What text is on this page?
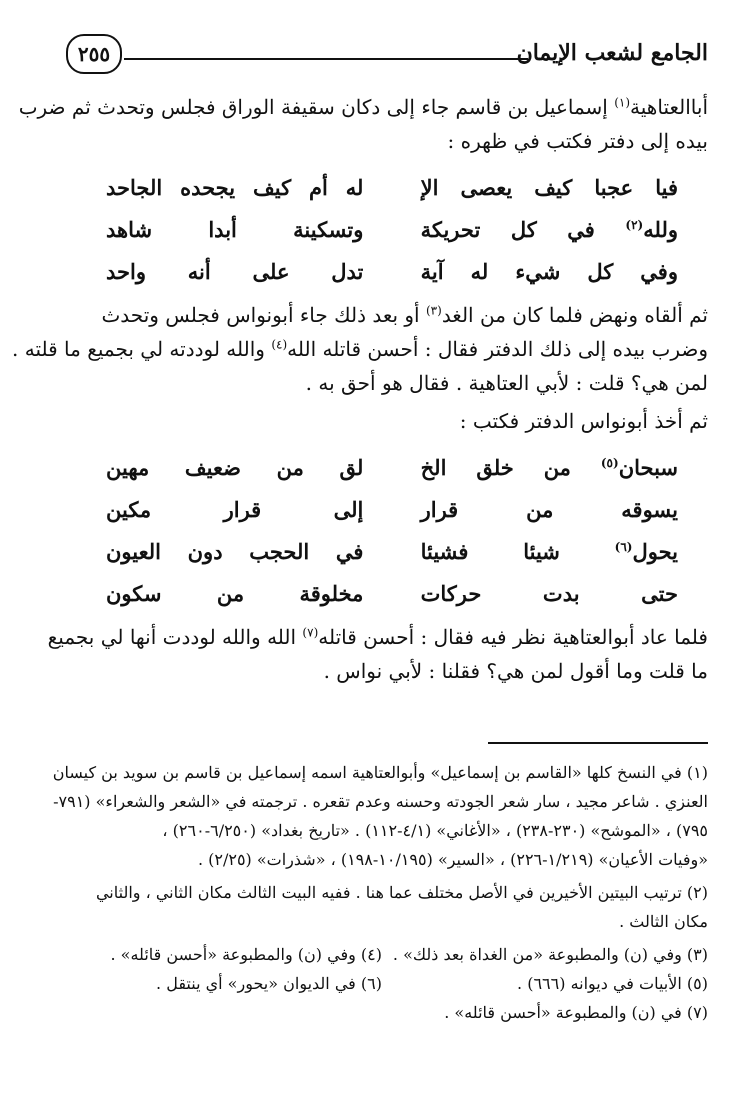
الجامع لشعب الإيمان
٢٥٥

أباالعتاهية$^{(١)}$ إسماعيل بن قاسم جاء إلى دكان سقيفة الوراق فجلس وتحدث ثم ضرب
بيده إلى دفتر فكتب في ظهره :

فيا عجبا كيف يعصى الإ
له أم كيف يجحده الجاحد
ولله$^{(٢)}$ في كل تحريكة
وتسكينة أبدا شاهد
وفي كل شيء له آية
تدل على أنه واحد

ثم ألقاه ونهض فلما كان من الغد$^{(٣)}$ أو بعد ذلك جاء أبونواس فجلس وتحدث
وضرب بيده إلى ذلك الدفتر فقال : أحسن قاتله الله$^{(٤)}$ والله لوددته لي بجميع ما قلته .
لمن هي؟ قلت : لأبي العتاهية . فقال هو أحق به .

ثم أخذ أبونواس الدفتر فكتب :

سبحان$^{(٥)}$ من خلق الخ
لق من ضعيف مهين
يسوقه من قرار
إلى قرار مكين
يحول$^{(٦)}$ شيئا فشيئا
في الحجب دون العيون
حتى بدت حركات
مخلوقة من سكون

فلما عاد أبوالعتاهية نظر فيه فقال : أحسن قاتله$^{(٧)}$ الله والله لوددت أنها لي بجميع
ما قلت وما أقول لمن هي؟ فقلنا : لأبي نواس .

(١) في النسخ كلها «القاسم بن إسماعيل» وأبوالعتاهية اسمه إسماعيل بن قاسم بن سويد بن كيسان
العنزي . شاعر مجيد ، سار شعر الجودته وحسنه وعدم تقعره . ترجمته في «الشعر والشعراء» (٧٩١-
٧٩٥) ، «الموشح» (٢٣٠-٢٣٨) ، «الأغاني» (٤/١-١١٢) . «تاريخ بغداد» (٦/٢٥٠-٢٦٠) ،
«وفيات الأعيان» (١/٢١٩-٢٢٦) ، «السير» (١٠/١٩٥-١٩٨) ، «شذرات» (٢/٢٥) .

(٢) ترتيب البيتين الأخيرين في الأصل مختلف عما هنا . ففيه البيت الثالث مكان الثاني ، والثاني
مكان الثالث .

(٣) وفي (ن) والمطبوعة «من الغداة بعد ذلك» .
(٤) وفي (ن) والمطبوعة «أحسن قائله» .
(٥) الأبيات في ديوانه (٦٦٦) .
(٦) في الديوان «يحور» أي ينتقل .
(٧) في (ن) والمطبوعة «أحسن قائله» .
